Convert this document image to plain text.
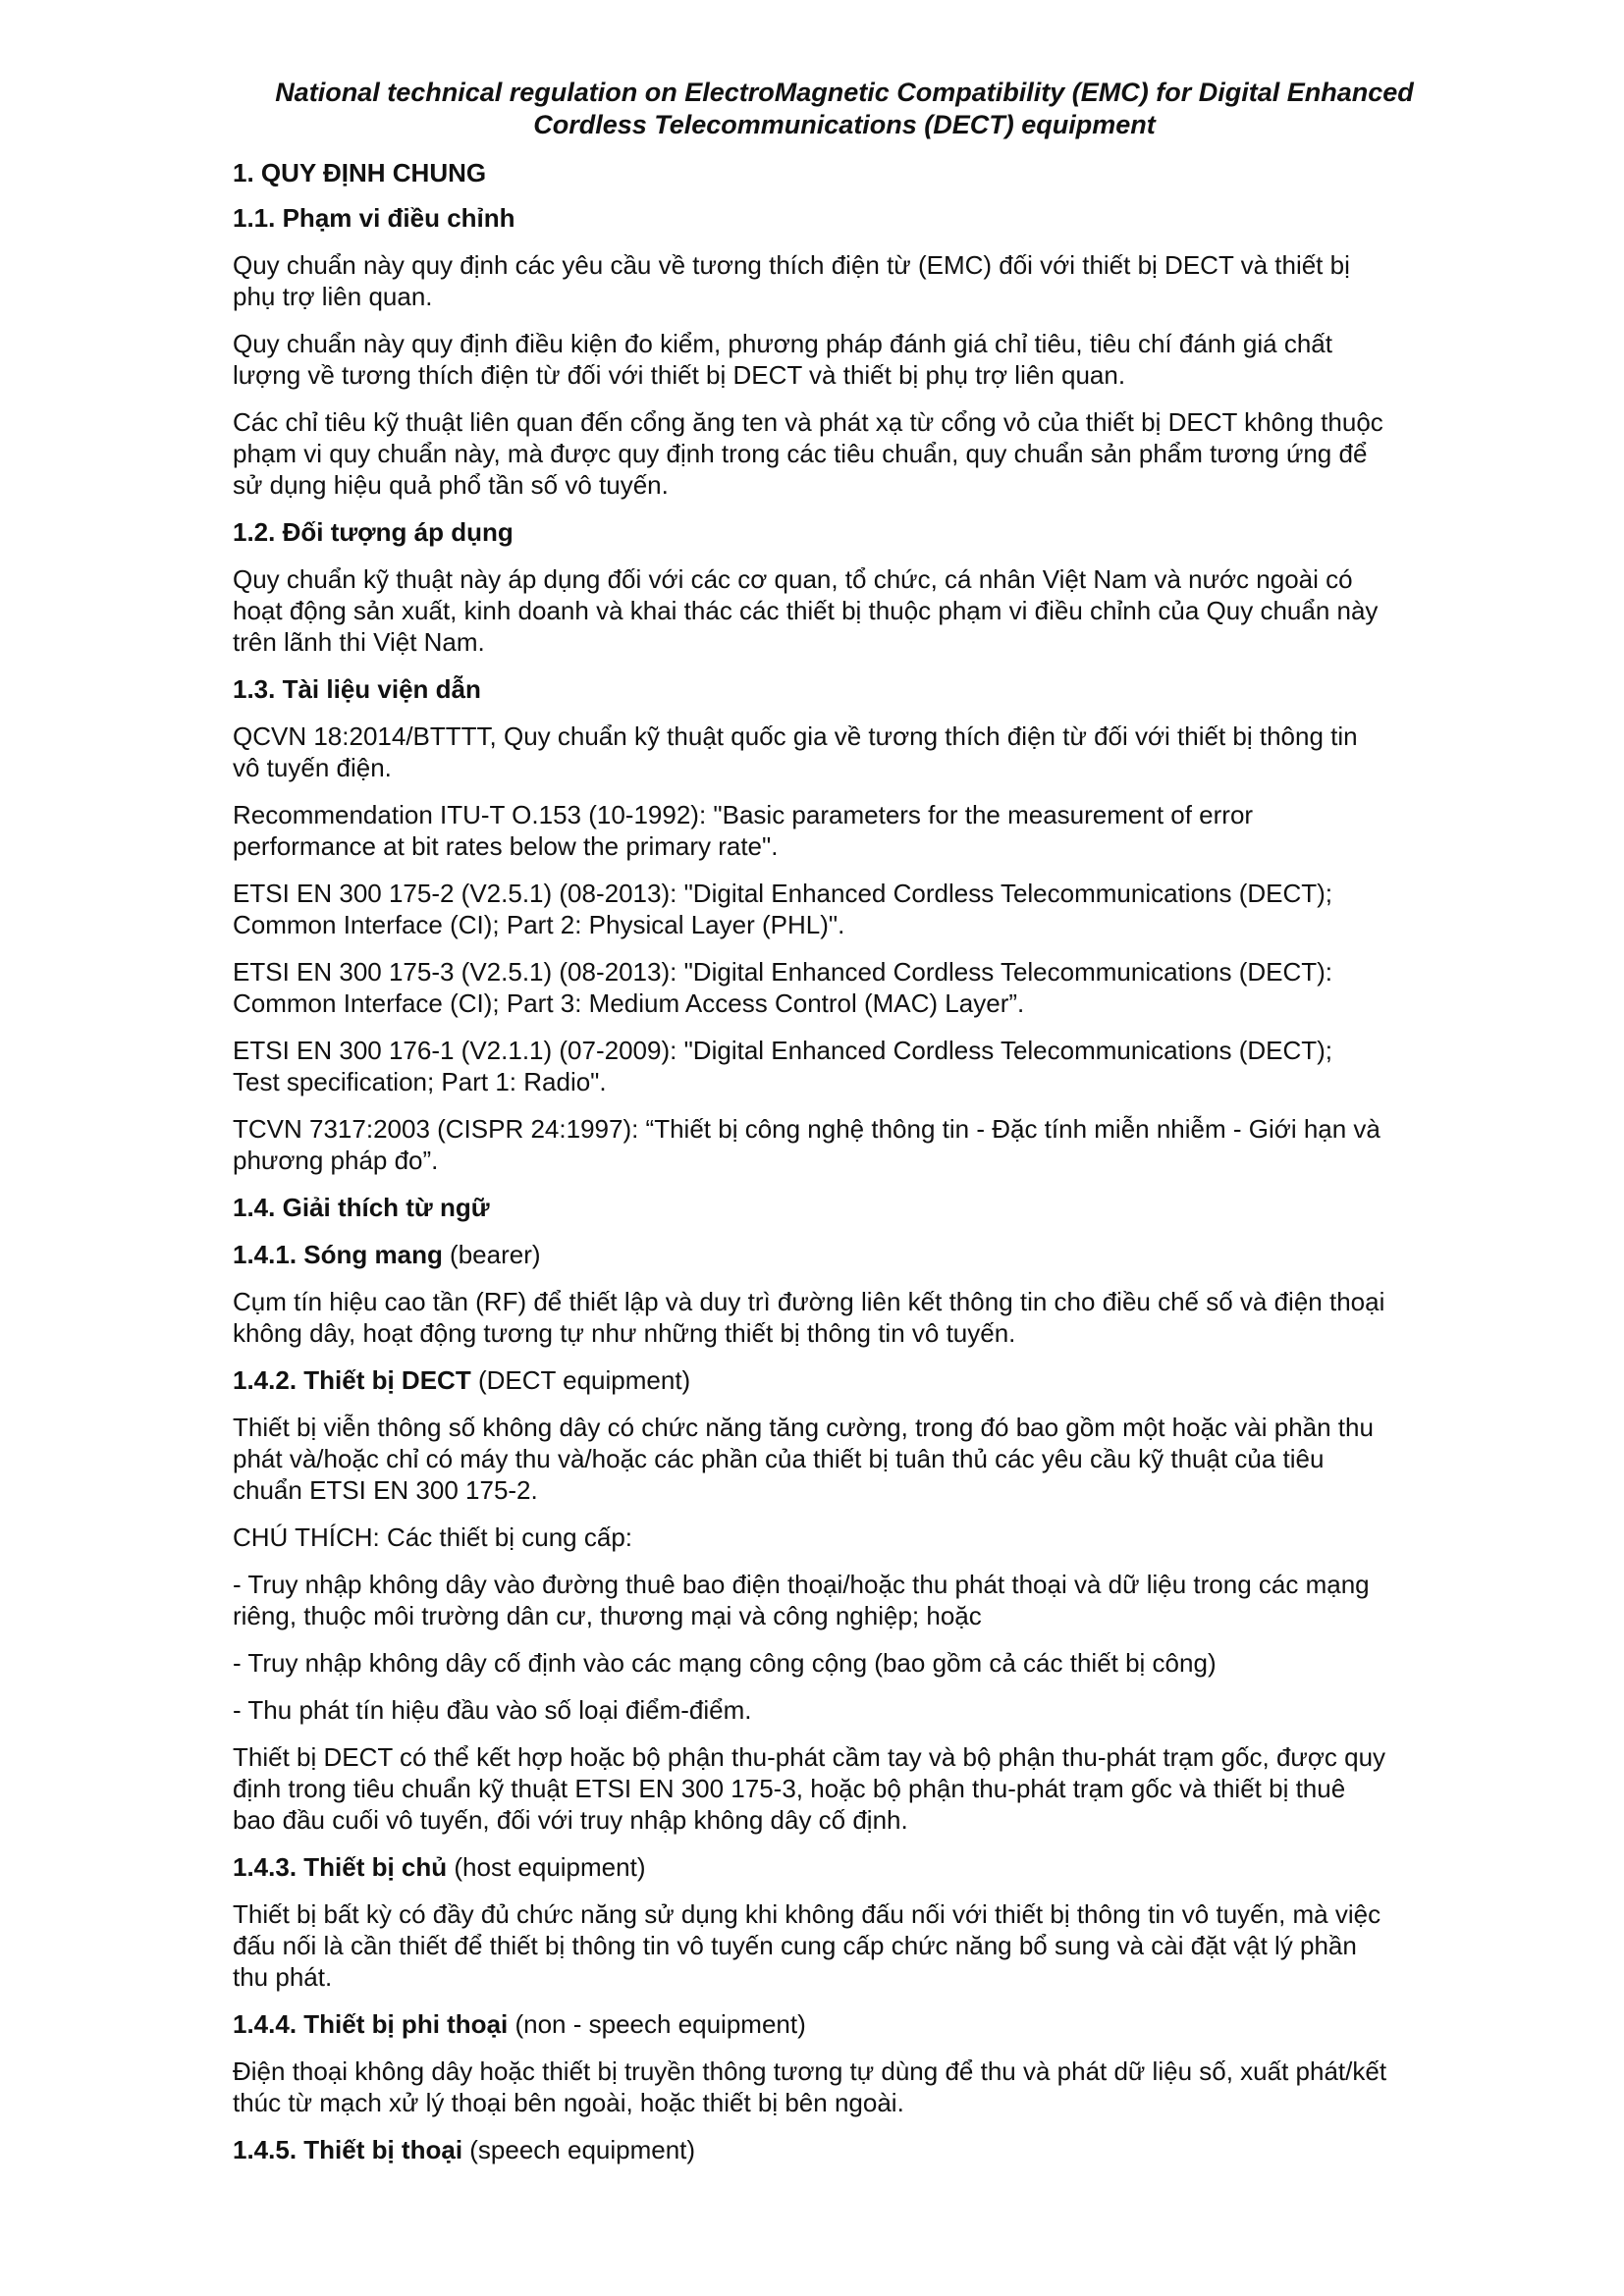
National technical regulation on ElectroMagnetic Compatibility (EMC) for Digital Enhanced
Cordless Telecommunications (DECT) equipment
1. QUY ĐỊNH CHUNG
1.1. Phạm vi điều chỉnh
Quy chuẩn này quy định các yêu cầu về tương thích điện từ (EMC) đối với thiết bị DECT và thiết bị
phụ trợ liên quan.
Quy chuẩn này quy định điều kiện đo kiểm, phương pháp đánh giá chỉ tiêu, tiêu chí đánh giá chất
lượng về tương thích điện từ đối với thiết bị DECT và thiết bị phụ trợ liên quan.
Các chỉ tiêu kỹ thuật liên quan đến cổng ăng ten và phát xạ từ cổng vỏ của thiết bị DECT không thuộc
phạm vi quy chuẩn này, mà được quy định trong các tiêu chuẩn, quy chuẩn sản phẩm tương ứng để
sử dụng hiệu quả phổ tần số vô tuyến.
1.2. Đối tượng áp dụng
Quy chuẩn kỹ thuật này áp dụng đối với các cơ quan, tổ chức, cá nhân Việt Nam và nước ngoài có
hoạt động sản xuất, kinh doanh và khai thác các thiết bị thuộc phạm vi điều chỉnh của Quy chuẩn này
trên lãnh thi Việt Nam.
1.3. Tài liệu viện dẫn
QCVN 18:2014/BTTTT, Quy chuẩn kỹ thuật quốc gia về tương thích điện từ đối với thiết bị thông tin
vô tuyến điện.
Recommendation ITU-T O.153 (10-1992): "Basic parameters for the measurement of error
performance at bit rates below the primary rate".
ETSI EN 300 175-2 (V2.5.1) (08-2013): "Digital Enhanced Cordless Telecommunications (DECT);
Common Interface (CI); Part 2: Physical Layer (PHL)".
ETSI EN 300 175-3 (V2.5.1) (08-2013): "Digital Enhanced Cordless Telecommunications (DECT):
Common Interface (CI); Part 3: Medium Access Control (MAC) Layer”.
ETSI EN 300 176-1 (V2.1.1) (07-2009): "Digital Enhanced Cordless Telecommunications (DECT);
Test specification; Part 1: Radio".
TCVN 7317:2003 (CISPR 24:1997): “Thiết bị công nghệ thông tin - Đặc tính miễn nhiễm - Giới hạn và
phương pháp đo”.
1.4. Giải thích từ ngữ
1.4.1. Sóng mang (bearer)
Cụm tín hiệu cao tần (RF) để thiết lập và duy trì đường liên kết thông tin cho điều chế số và điện thoại
không dây, hoạt động tương tự như những thiết bị thông tin vô tuyến.
1.4.2. Thiết bị DECT (DECT equipment)
Thiết bị viễn thông số không dây có chức năng tăng cường, trong đó bao gồm một hoặc vài phần thu
phát và/hoặc chỉ có máy thu và/hoặc các phần của thiết bị tuân thủ các yêu cầu kỹ thuật của tiêu
chuẩn ETSI EN 300 175-2.
CHÚ THÍCH: Các thiết bị cung cấp:
- Truy nhập không dây vào đường thuê bao điện thoại/hoặc thu phát thoại và dữ liệu trong các mạng
riêng, thuộc môi trường dân cư, thương mại và công nghiệp; hoặc
- Truy nhập không dây cố định vào các mạng công cộng (bao gồm cả các thiết bị công)
- Thu phát tín hiệu đầu vào số loại điểm-điểm.
Thiết bị DECT có thể kết hợp hoặc bộ phận thu-phát cầm tay và bộ phận thu-phát trạm gốc, được quy
định trong tiêu chuẩn kỹ thuật ETSI EN 300 175-3, hoặc bộ phận thu-phát trạm gốc và thiết bị thuê
bao đầu cuối vô tuyến, đối với truy nhập không dây cố định.
1.4.3. Thiết bị chủ (host equipment)
Thiết bị bất kỳ có đầy đủ chức năng sử dụng khi không đấu nối với thiết bị thông tin vô tuyến, mà việc
đấu nối là cần thiết để thiết bị thông tin vô tuyến cung cấp chức năng bổ sung và cài đặt vật lý phần
thu phát.
1.4.4. Thiết bị phi thoại (non - speech equipment)
Điện thoại không dây hoặc thiết bị truyền thông tương tự dùng để thu và phát dữ liệu số, xuất phát/kết
thúc từ mạch xử lý thoại bên ngoài, hoặc thiết bị bên ngoài.
1.4.5. Thiết bị thoại (speech equipment)
